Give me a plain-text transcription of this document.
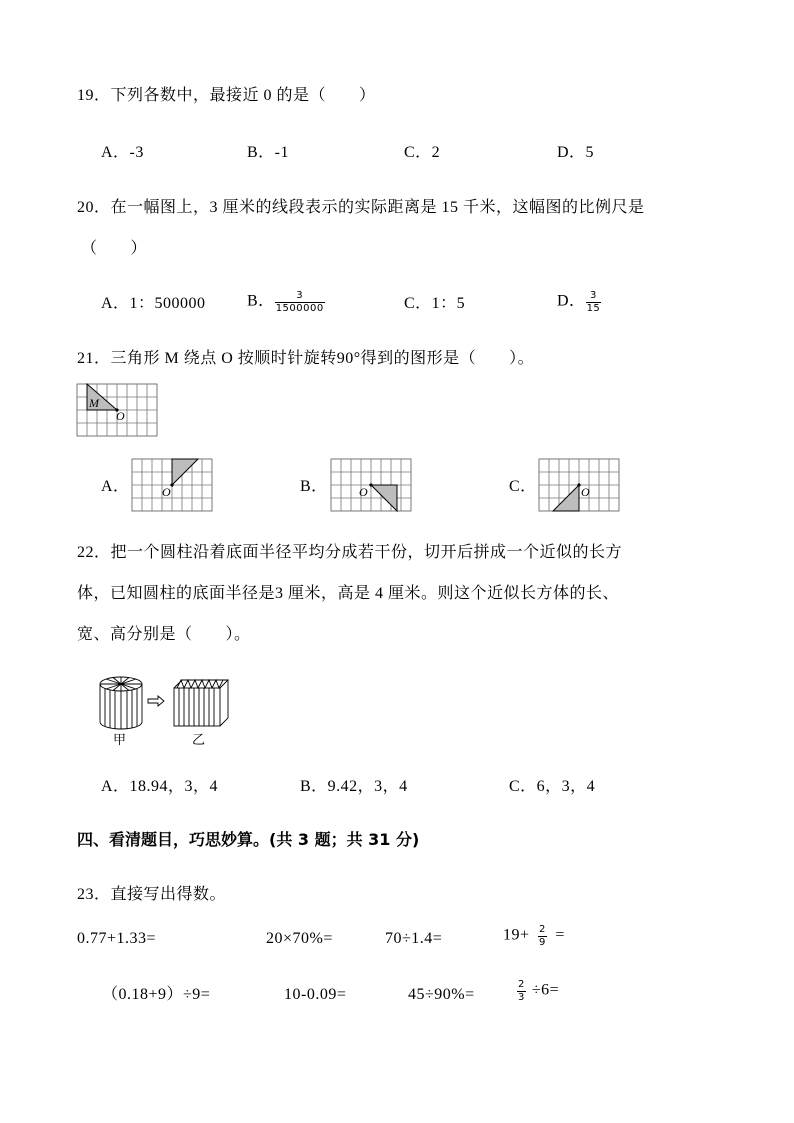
19．下列各数中，最接近 0 的是（　　）
A．-3	B．-1	C．2	D．5
20．在一幅图上，3 厘米的线段表示的实际距离是 15 千米，这幅图的比例尺是
（　　）
A．1：500000	B． $\frac{3}{1500000}$	C．1：5	D． $\frac{3}{15}$
21．三角形 M 绕点 O 按顺时针旋转90°得到的图形是（　　）。
M
O
A．	O	B．	O	C．	O
22．把一个圆柱沿着底面半径平均分成若干份，切开后拼成一个近似的长方
体，已知圆柱的底面半径是3 厘米，高是 4 厘米。则这个近似长方体的长、
宽、高分别是（　　）。
甲	乙
A．18.94，3，4	B．9.42，3，4	C．6，3，4
四、看清题目，巧思妙算。(共 3 题；共 31 分)
23．直接写出得数。
0.77+1.33=	20×70%=	70÷1.4=	$19+ \frac{2}{9}$ =
（0.18+9）÷9=	10-0.09=	45÷90%=	$\frac{2}{3} \div 6=$
